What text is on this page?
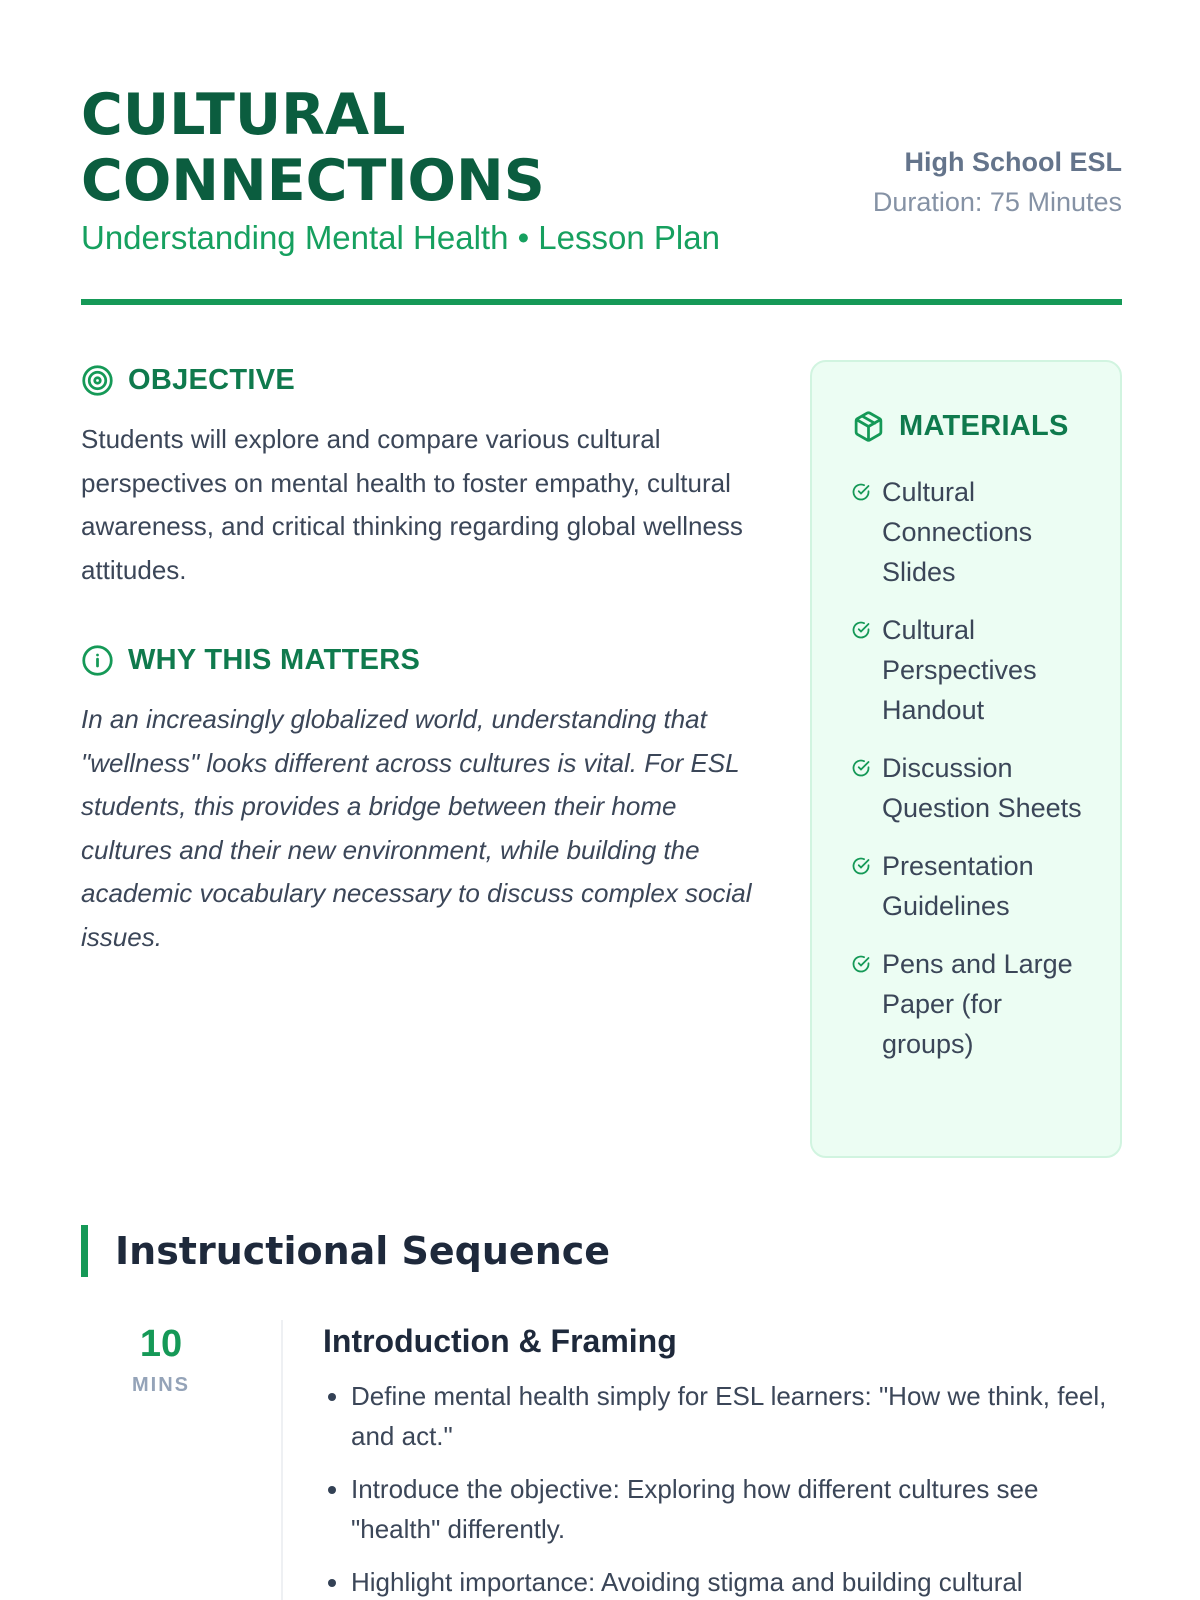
CULTURAL
CONNECTIONS
Understanding Mental Health • Lesson Plan
High School ESL
Duration: 75 Minutes
OBJECTIVE

Students will explore and compare various cultural perspectives on mental health to foster empathy, cultural awareness, and critical thinking regarding global wellness attitudes.

WHY THIS MATTERS

In an increasingly globalized world, understanding that "wellness" looks different across cultures is vital. For ESL students, this provides a bridge between their home cultures and their new environment, while building the academic vocabulary necessary to discuss complex social issues.

MATERIALS
Cultural Connections Slides
Cultural Perspectives Handout
Discussion Question Sheets
Presentation Guidelines
Pens and Large Paper (for groups)
Instructional Sequence
10
MINS
Introduction & Framing
• Define mental health simply for ESL learners: "How we think, feel, and act."
• Introduce the objective: Exploring how different cultures see "health" differently.
• Highlight importance: Avoiding stigma and building cultural
